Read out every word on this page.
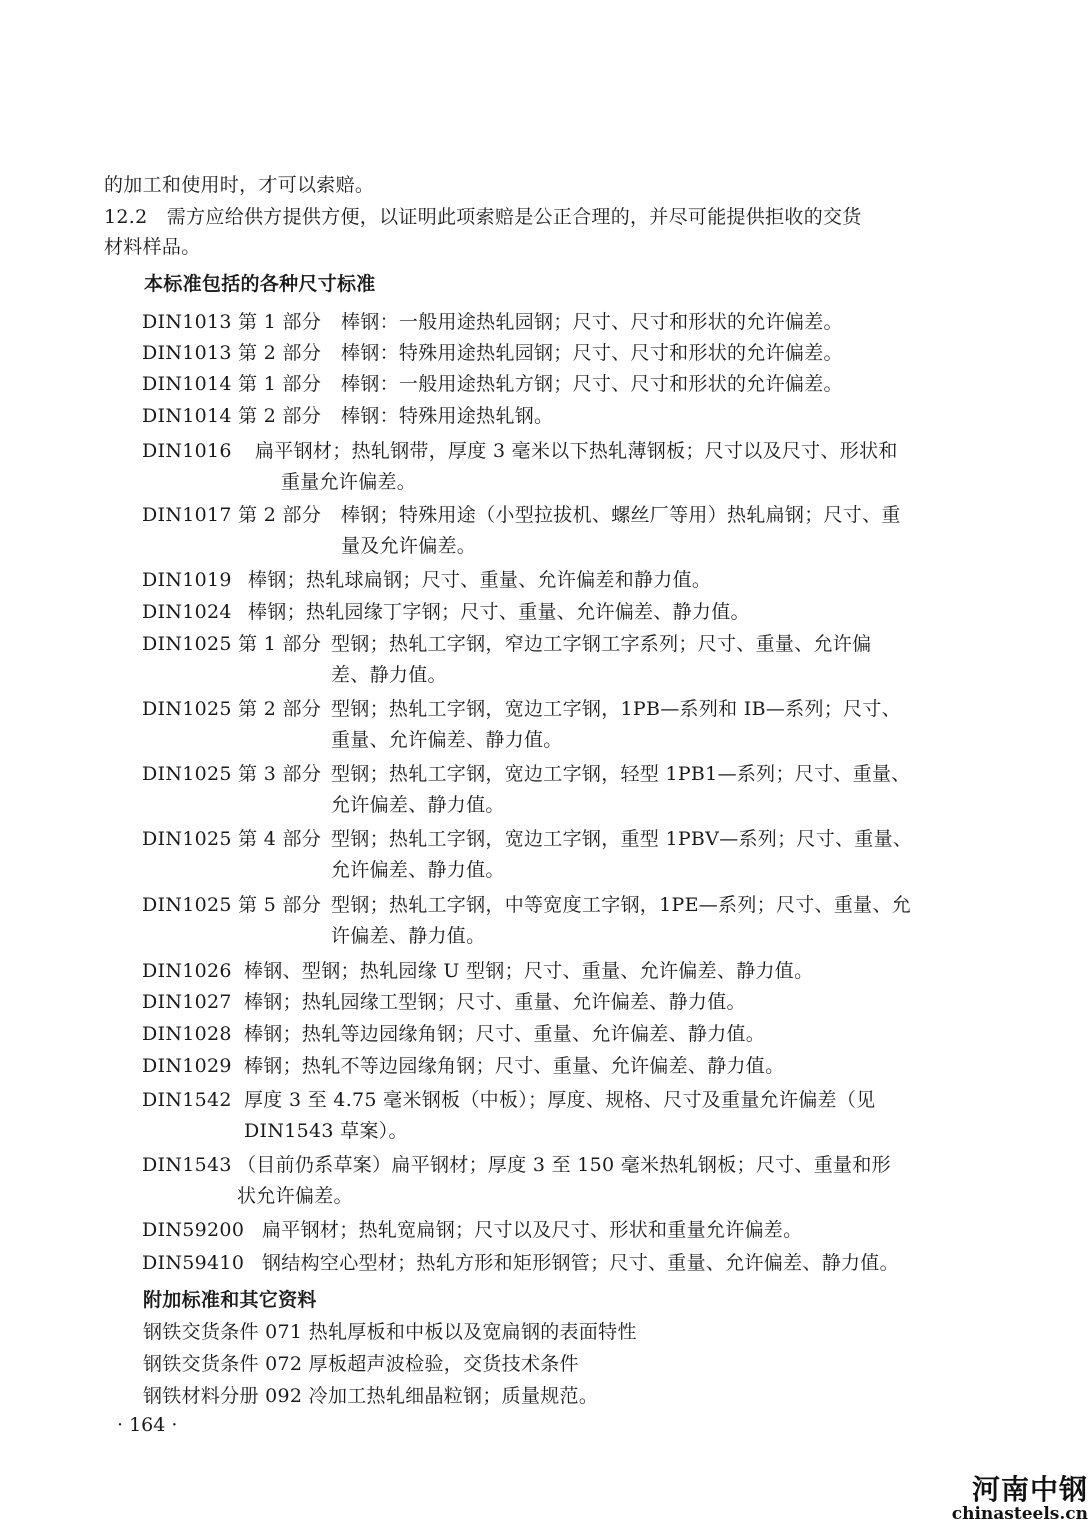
的加工和使用时，才可以索赔。
12.2　需方应给供方提供方便，以证明此项索赔是公正合理的，并尽可能提供拒收的交货
材料样品。
本标准包括的各种尺寸标准
DIN1013 第 1 部分 棒钢：一般用途热轧园钢；尺寸、尺寸和形状的允许偏差。
DIN1013 第 2 部分 棒钢：特殊用途热轧园钢；尺寸、尺寸和形状的允许偏差。
DIN1014 第 1 部分 棒钢：一般用途热轧方钢；尺寸、尺寸和形状的允许偏差。
DIN1014 第 2 部分 棒钢：特殊用途热轧钢。
DIN1016 扁平钢材；热轧钢带，厚度 3 毫米以下热轧薄钢板；尺寸以及尺寸、形状和
重量允许偏差。
DIN1017 第 2 部分 棒钢；特殊用途（小型拉拔机、螺丝厂等用）热轧扁钢；尺寸、重
量及允许偏差。
DIN1019 棒钢；热轧球扁钢；尺寸、重量、允许偏差和静力值。
DIN1024 棒钢；热轧园缘丁字钢；尺寸、重量、允许偏差、静力值。
DIN1025 第 1 部分 型钢；热轧工字钢，窄边工字钢工字系列；尺寸、重量、允许偏
差、静力值。
DIN1025 第 2 部分 型钢；热轧工字钢，宽边工字钢，1PB—系列和 IB—系列；尺寸、
重量、允许偏差、静力值。
DIN1025 第 3 部分 型钢；热轧工字钢，宽边工字钢，轻型 1PB1—系列；尺寸、重量、
允许偏差、静力值。
DIN1025 第 4 部分 型钢；热轧工字钢，宽边工字钢，重型 1PBV—系列；尺寸、重量、
允许偏差、静力值。
DIN1025 第 5 部分 型钢；热轧工字钢，中等宽度工字钢，1PE—系列；尺寸、重量、允
许偏差、静力值。
DIN1026 棒钢、型钢；热轧园缘 U 型钢；尺寸、重量、允许偏差、静力值。
DIN1027 棒钢；热轧园缘工型钢；尺寸、重量、允许偏差、静力值。
DIN1028 棒钢；热轧等边园缘角钢；尺寸、重量、允许偏差、静力值。
DIN1029 棒钢；热轧不等边园缘角钢；尺寸、重量、允许偏差、静力值。
DIN1542 厚度 3 至 4.75 毫米钢板（中板）；厚度、规格、尺寸及重量允许偏差（见
DIN1543 草案）。
DIN1543 （目前仍系草案）扁平钢材；厚度 3 至 150 毫米热轧钢板；尺寸、重量和形
状允许偏差。
DIN59200 扁平钢材；热轧宽扁钢；尺寸以及尺寸、形状和重量允许偏差。
DIN59410 钢结构空心型材；热轧方形和矩形钢管；尺寸、重量、允许偏差、静力值。
附加标准和其它资料
钢铁交货条件 071 热轧厚板和中板以及宽扁钢的表面特性
钢铁交货条件 072 厚板超声波检验，交货技术条件
钢铁材料分册 092 冷加工热轧细晶粒钢；质量规范。
· 164 ·
河南中钢
chinasteels.cn
